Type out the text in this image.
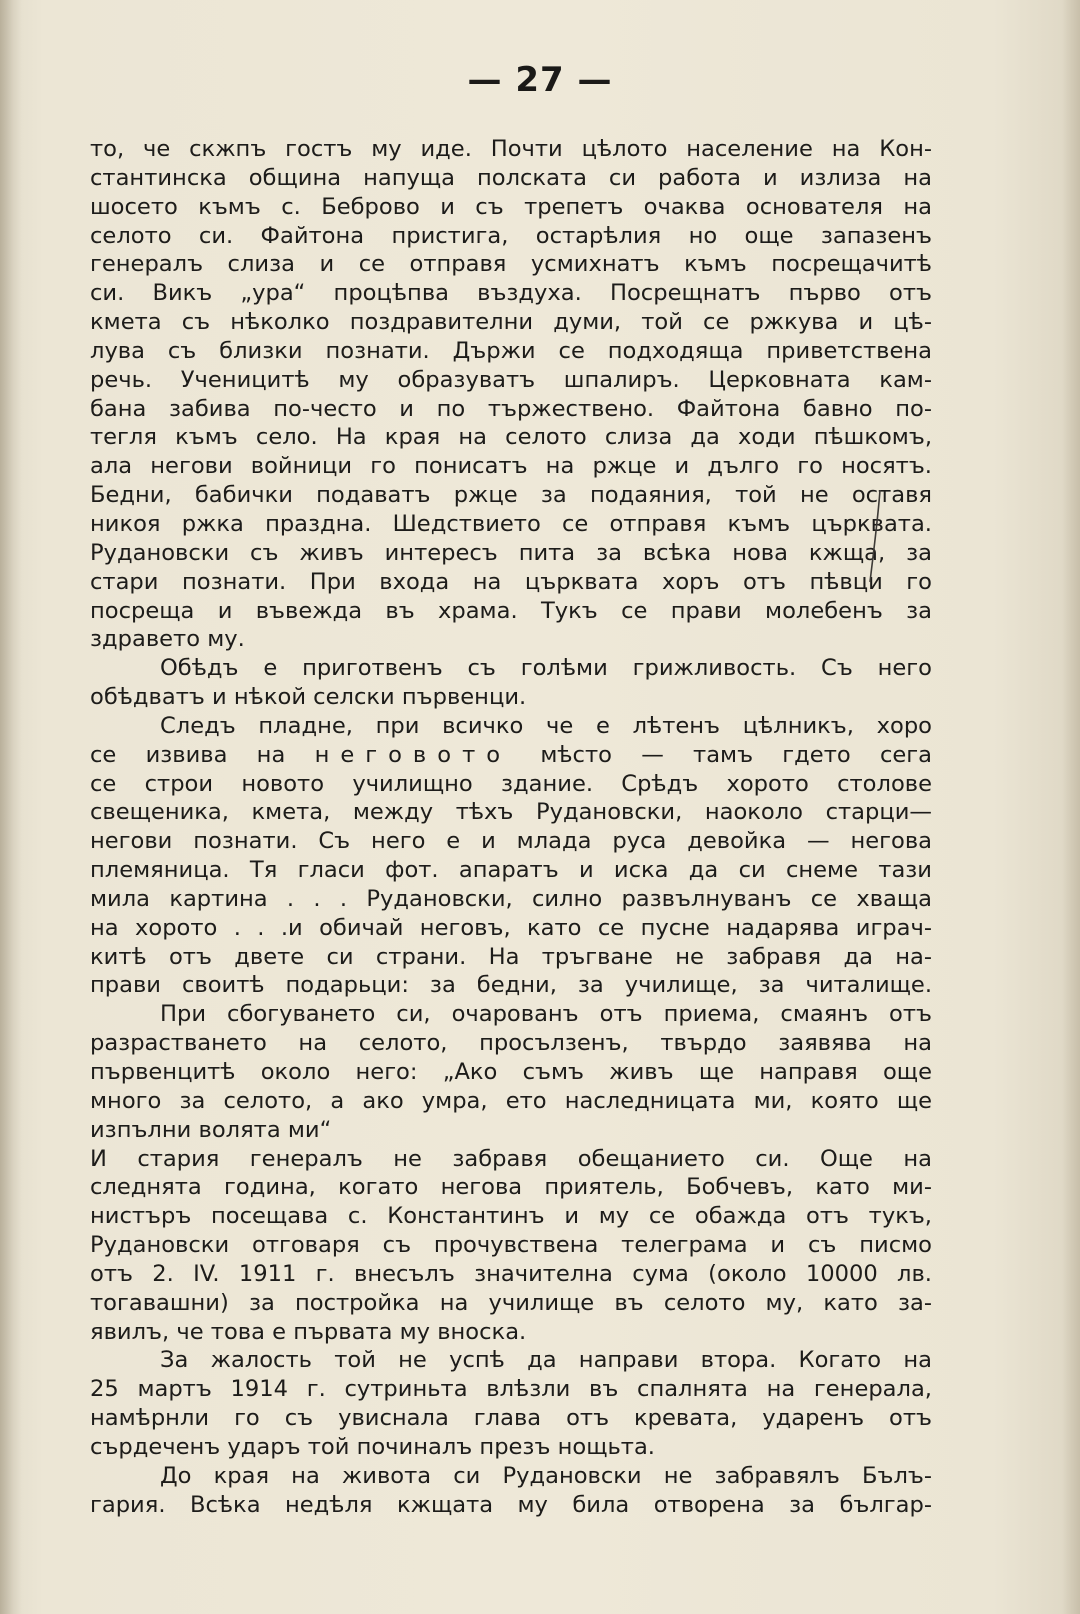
— 27 —
то, че скжпъ гостъ му иде. Почти цѣлото население на Кон-
стантинска община напуща полската си работа и излиза на
шосето къмъ с. Беброво и съ трепетъ очаква основателя на
селото си. Файтона пристига, остарѣлия но още запазенъ
генералъ слиза и се отправя усмихнатъ къмъ посрещачитѣ
си. Викъ „ура“ процѣпва въздуха. Посрещнатъ първо отъ
кмета съ нѣколко поздравителни думи, той се ржкува и цѣ-
лува съ близки познати. Държи се подходяща приветствена
речь. Ученицитѣ му образуватъ шпалиръ. Церковната кам-
бана забива по-често и по тържествено. Файтона бавно по-
тегля къмъ село. На края на селото слиза да ходи пѣшкомъ,
ала негови войници го понисатъ на ржце и дълго го носятъ.
Бедни, бабички подаватъ ржце за подаяния, той не оставя
никоя ржка празднa. Шедствието се отправя къмъ църквата.
Рудановски съ живъ интересъ пита за всѣка нова кжща, за
стари познати. При входа на църквата хоръ отъ пѣвци го
посреща и въвежда въ храма. Тукъ се прави молебенъ за
здравето му.
Обѣдъ е приготвенъ съ голѣми грижливость. Съ него
обѣдватъ и нѣкой селски първенци.
Следъ пладне, при всичко че е лѣтенъ цѣлникъ, хоро
се извива на неговото мѣсто — тамъ гдето сега
се строи новото училищно здание. Срѣдъ хорото столове
свещеника, кмета, между тѣхъ Рудановски, наоколо старци—
негови познати. Съ него е и млада руса девойка — негова
племяница. Тя гласи фот. апаратъ и иска да си снеме тази
мила картина . . . Рудановски, силно развълнуванъ се хваща
на хорото . . .и обичай неговъ, като се пусне надарява играч-
китѣ отъ двете си страни. На тръгване не забравя да на-
прави своитѣ подарьци: за бедни, за училище, за читалище.
При сбогуването си, очарованъ отъ приема, смаянъ отъ
разрастването на селото, просълзенъ, твърдо заявява на
първенцитѣ около него: „Ако съмъ живъ ще направя още
много за селото, а ако умра, ето наследницата ми, която ще
изпълни волята ми“
И стария генералъ не забравя обещанието си. Още на
следнята година, когато негова приятель, Бобчевъ, като ми-
нистъръ посещава с. Константинъ и му се обажда отъ тукъ,
Рудановски отговаря съ прочувствена телеграма и съ писмо
отъ 2. IV. 1911 г. внесълъ значителна сума (около 10000 лв.
тогавашни) за постройка на училище въ селото му, като за-
явилъ, че това е първата му вноска.
За жалость той не успѣ да направи втора. Когато на
25 мартъ 1914 г. сутриньта влѣзли въ спалнята на генерала,
намѣрнли го съ увиснала глава отъ кревата, ударенъ отъ
сърдеченъ ударъ той починалъ презъ нощьта.
До края на живота си Рудановски не забравялъ Бълъ-
гария. Всѣка недѣля кжщата му била отворена за българ-
